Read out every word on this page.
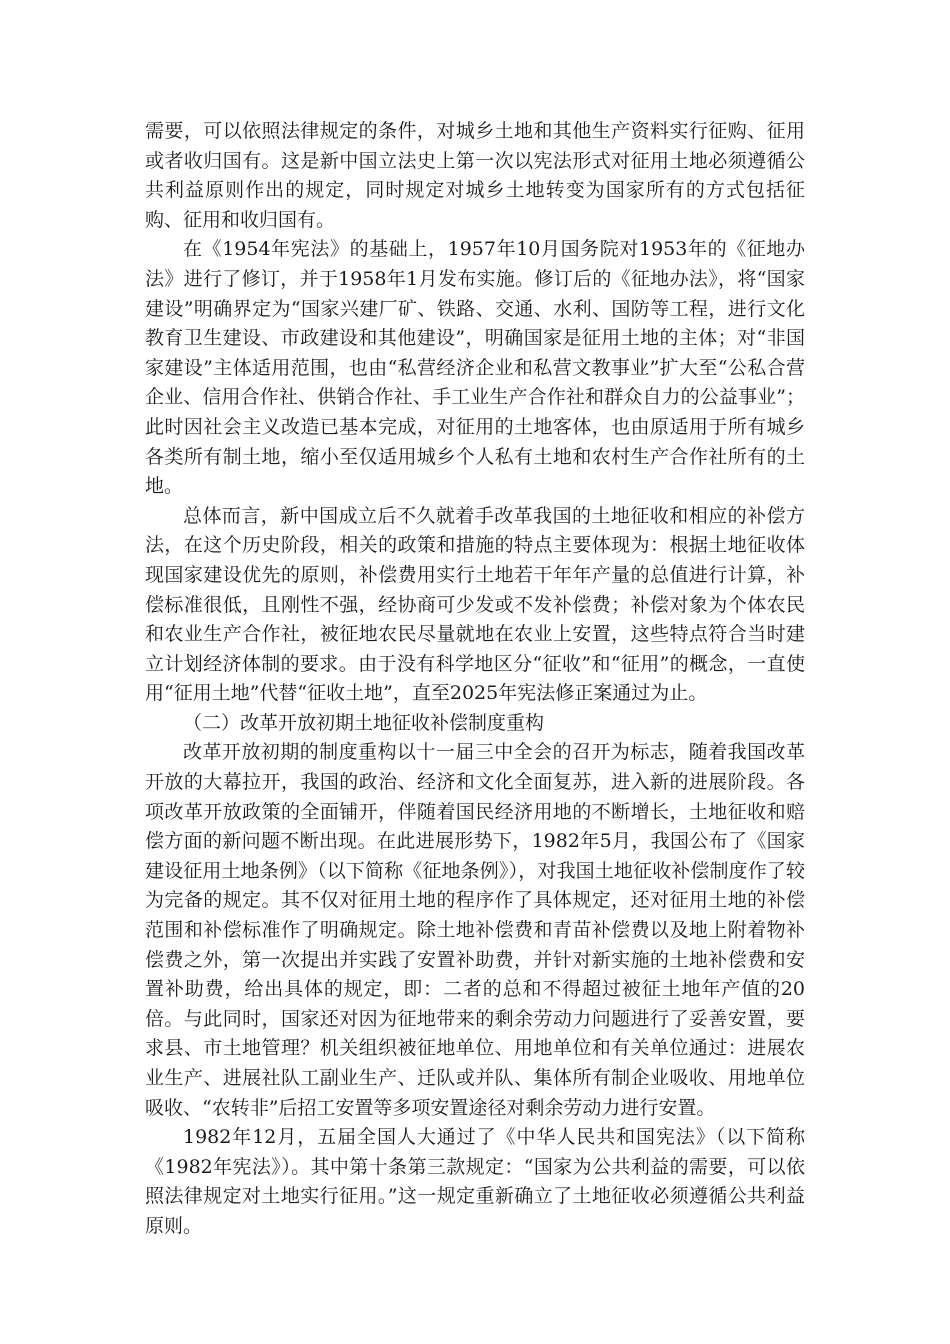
需要，可以依照法律规定的条件，对城乡土地和其他生产资料实行征购、征用或者收归国有。这是新中国立法史上第一次以宪法形式对征用土地必须遵循公共利益原则作出的规定，同时规定对城乡土地转变为国家所有的方式包括征购、征用和收归国有。

在《1954年宪法》的基础上，1957年10月国务院对1953年的《征地办法》进行了修订，并于1958年1月发布实施。修订后的《征地办法》，将“国家建设”明确界定为“国家兴建厂矿、铁路、交通、水利、国防等工程，进行文化教育卫生建设、市政建设和其他建设”，明确国家是征用土地的主体；对“非国家建设”主体适用范围，也由“私营经济企业和私营文教事业”扩大至“公私合营企业、信用合作社、供销合作社、手工业生产合作社和群众自力的公益事业”；此时因社会主义改造已基本完成，对征用的土地客体，也由原适用于所有城乡各类所有制土地，缩小至仅适用城乡个人私有土地和农村生产合作社所有的土地。

总体而言，新中国成立后不久就着手改革我国的土地征收和相应的补偿方法，在这个历史阶段，相关的政策和措施的特点主要体现为：根据土地征收体现国家建设优先的原则，补偿费用实行土地若干年年产量的总值进行计算，补偿标准很低，且刚性不强，经协商可少发或不发补偿费；补偿对象为个体农民和农业生产合作社，被征地农民尽量就地在农业上安置，这些特点符合当时建立计划经济体制的要求。由于没有科学地区分“征收”和“征用”的概念，一直使用“征用土地”代替“征收土地”，直至2025年宪法修正案通过为止。

（二）改革开放初期土地征收补偿制度重构

改革开放初期的制度重构以十一届三中全会的召开为标志，随着我国改革开放的大幕拉开，我国的政治、经济和文化全面复苏，进入新的进展阶段。各项改革开放政策的全面铺开，伴随着国民经济用地的不断增长，土地征收和赔偿方面的新问题不断出现。在此进展形势下，1982年5月，我国公布了《国家建设征用土地条例》（以下简称《征地条例》），对我国土地征收补偿制度作了较为完备的规定。其不仅对征用土地的程序作了具体规定，还对征用土地的补偿范围和补偿标准作了明确规定。除土地补偿费和青苗补偿费以及地上附着物补偿费之外，第一次提出并实践了安置补助费，并针对新实施的土地补偿费和安置补助费，给出具体的规定，即：二者的总和不得超过被征土地年产值的20倍。与此同时，国家还对因为征地带来的剩余劳动力问题进行了妥善安置，要求县、市土地管理？机关组织被征地单位、用地单位和有关单位通过：进展农业生产、进展社队工副业生产、迁队或并队、集体所有制企业吸收、用地单位吸收、“农转非”后招工安置等多项安置途径对剩余劳动力进行安置。

1982年12月，五届全国人大通过了《中华人民共和国宪法》（以下简称《1982年宪法》）。其中第十条第三款规定：“国家为公共利益的需要，可以依照法律规定对土地实行征用。”这一规定重新确立了土地征收必须遵循公共利益原则。
